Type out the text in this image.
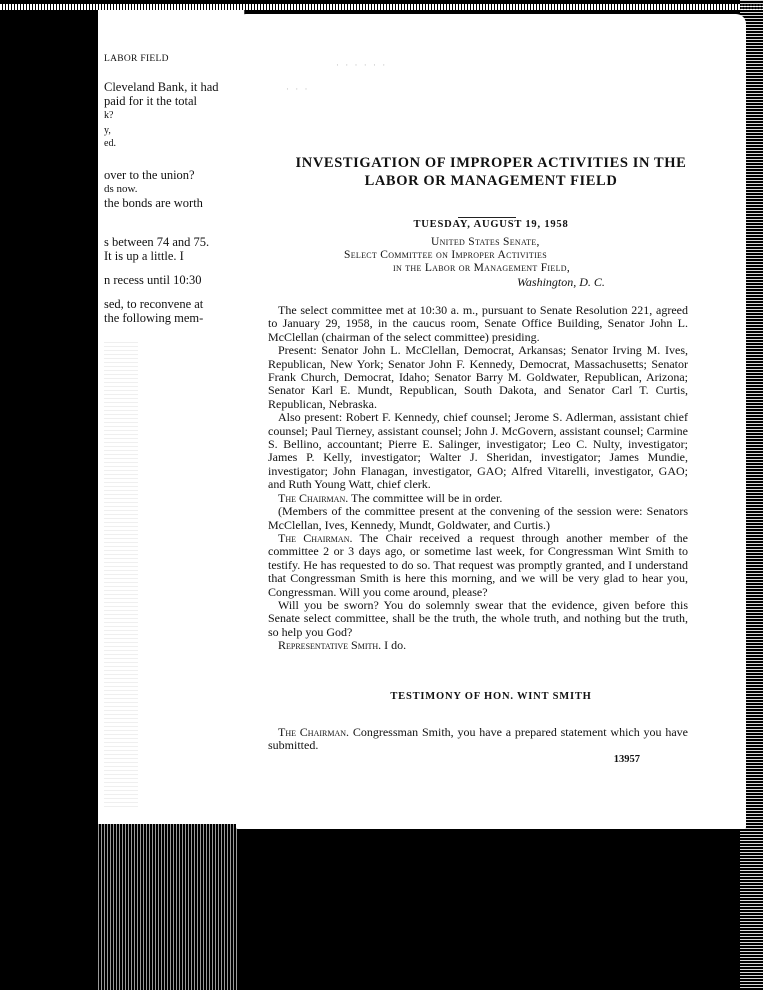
LABOR FIELD
Cleveland Bank, it had
paid for it the total
k?
y,
ed.
over to the union?
ds now.
the bonds are worth
s between 74 and 75.
It is up a little. I
n recess until 10:30
sed, to reconvene at
the following mem-
· · · · · ·
· · ·
INVESTIGATION OF IMPROPER ACTIVITIES IN THE
LABOR OR MANAGEMENT FIELD
TUESDAY, AUGUST 19, 1958
United States Senate,
Select Committee on Improper Activities
in the Labor or Management Field,
Washington, D. C.

The select committee met at 10:30 a. m., pursuant to Senate Resolution 221, agreed to January 29, 1958, in the caucus room, Senate Office Building, Senator John L. McClellan (chairman of the select committee) presiding.

Present: Senator John L. McClellan, Democrat, Arkansas; Senator Irving M. Ives, Republican, New York; Senator John F. Kennedy, Democrat, Massachusetts; Senator Frank Church, Democrat, Idaho; Senator Barry M. Goldwater, Republican, Arizona; Senator Karl E. Mundt, Republican, South Dakota, and Senator Carl T. Curtis, Republican, Nebraska.

Also present: Robert F. Kennedy, chief counsel; Jerome S. Adlerman, assistant chief counsel; Paul Tierney, assistant counsel; John J. McGovern, assistant counsel; Carmine S. Bellino, accountant; Pierre E. Salinger, investigator; Leo C. Nulty, investigator; James P. Kelly, investigator; Walter J. Sheridan, investigator; James Mundie, investigator; John Flanagan, investigator, GAO; Alfred Vitarelli, investigator, GAO; and Ruth Young Watt, chief clerk.

The Chairman. The committee will be in order.

(Members of the committee present at the convening of the session were: Senators McClellan, Ives, Kennedy, Mundt, Goldwater, and Curtis.)

The Chairman. The Chair received a request through another member of the committee 2 or 3 days ago, or sometime last week, for Congressman Wint Smith to testify. He has requested to do so. That request was promptly granted, and I understand that Congressman Smith is here this morning, and we will be very glad to hear you, Congressman. Will you come around, please?

Will you be sworn? You do solemnly swear that the evidence, given before this Senate select committee, shall be the truth, the whole truth, and nothing but the truth, so help you God?

Representative Smith. I do.

TESTIMONY OF HON. WINT SMITH

The Chairman. Congressman Smith, you have a prepared statement which you have submitted.

13957
